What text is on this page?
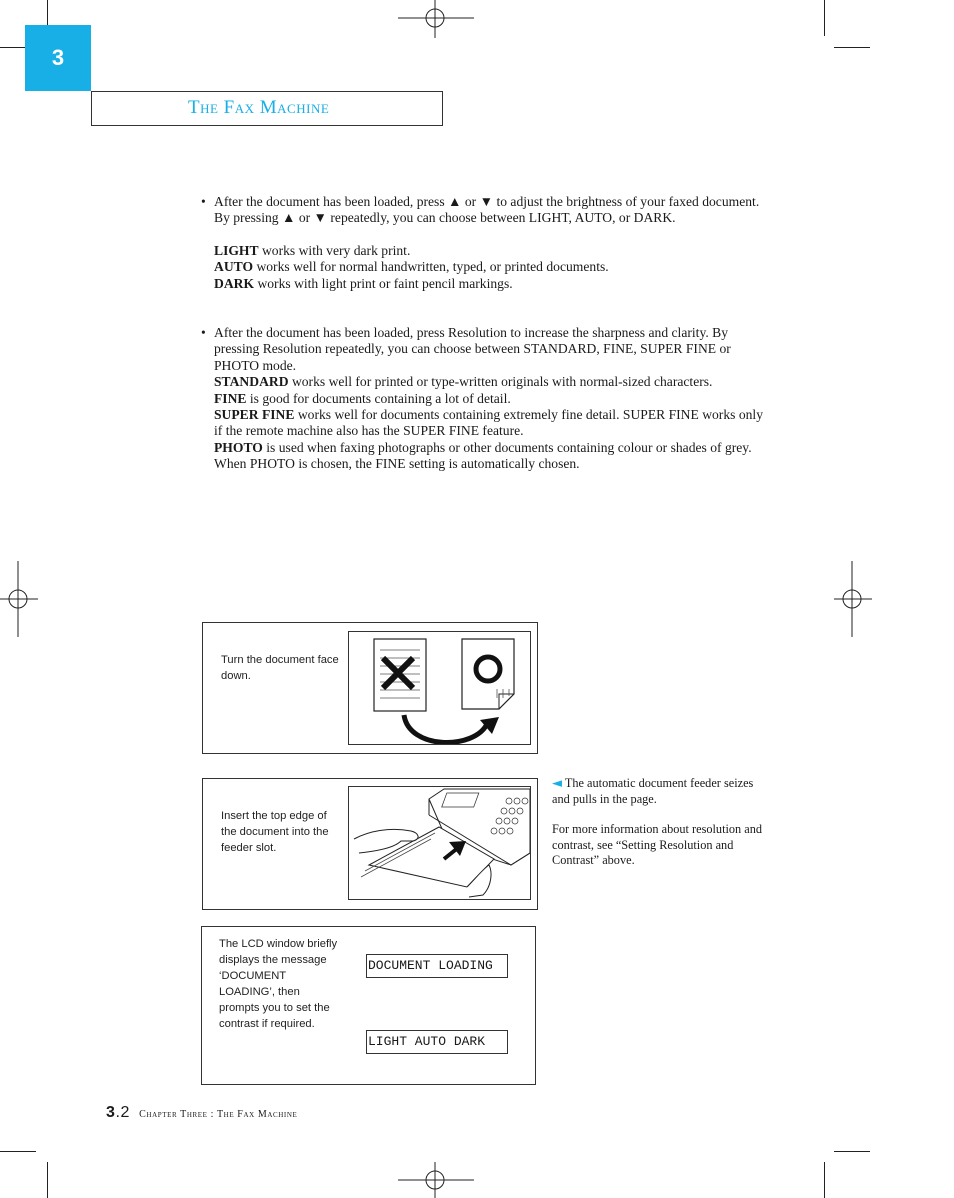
3
The Fax Machine
• After the document has been loaded, press ▲ or ▼ to adjust the brightness of your faxed document. By pressing ▲ or ▼ repeatedly, you can choose between LIGHT, AUTO, or DARK.

LIGHT works with very dark print.

AUTO works well for normal handwritten, typed, or printed documents.

DARK works with light print or faint pencil markings.

• After the document has been loaded, press Resolution to increase the sharpness and clarity. By pressing Resolution repeatedly, you can choose between STANDARD, FINE, SUPER FINE or PHOTO mode.

STANDARD works well for printed or type-written originals with normal-sized characters.

FINE is good for documents containing a lot of detail.

SUPER FINE works well for documents containing extremely fine detail. SUPER FINE works only if the remote machine also has the SUPER FINE feature.

PHOTO is used when faxing photographs or other documents containing colour or shades of grey. When PHOTO is chosen, the FINE setting is automatically chosen.

Turn the document face down.
Insert the top edge of the document into the feeder slot.

◄ The automatic document feeder seizes and pulls in the page.

For more information about resolution and contrast, see “Setting Resolution and Contrast” above.

The LCD window briefly displays the message ‘DOCUMENT LOADING’, then prompts you to set the contrast if required.
DOCUMENT LOADING
LIGHT AUTO DARK
3.2 Chapter Three : The Fax Machine
